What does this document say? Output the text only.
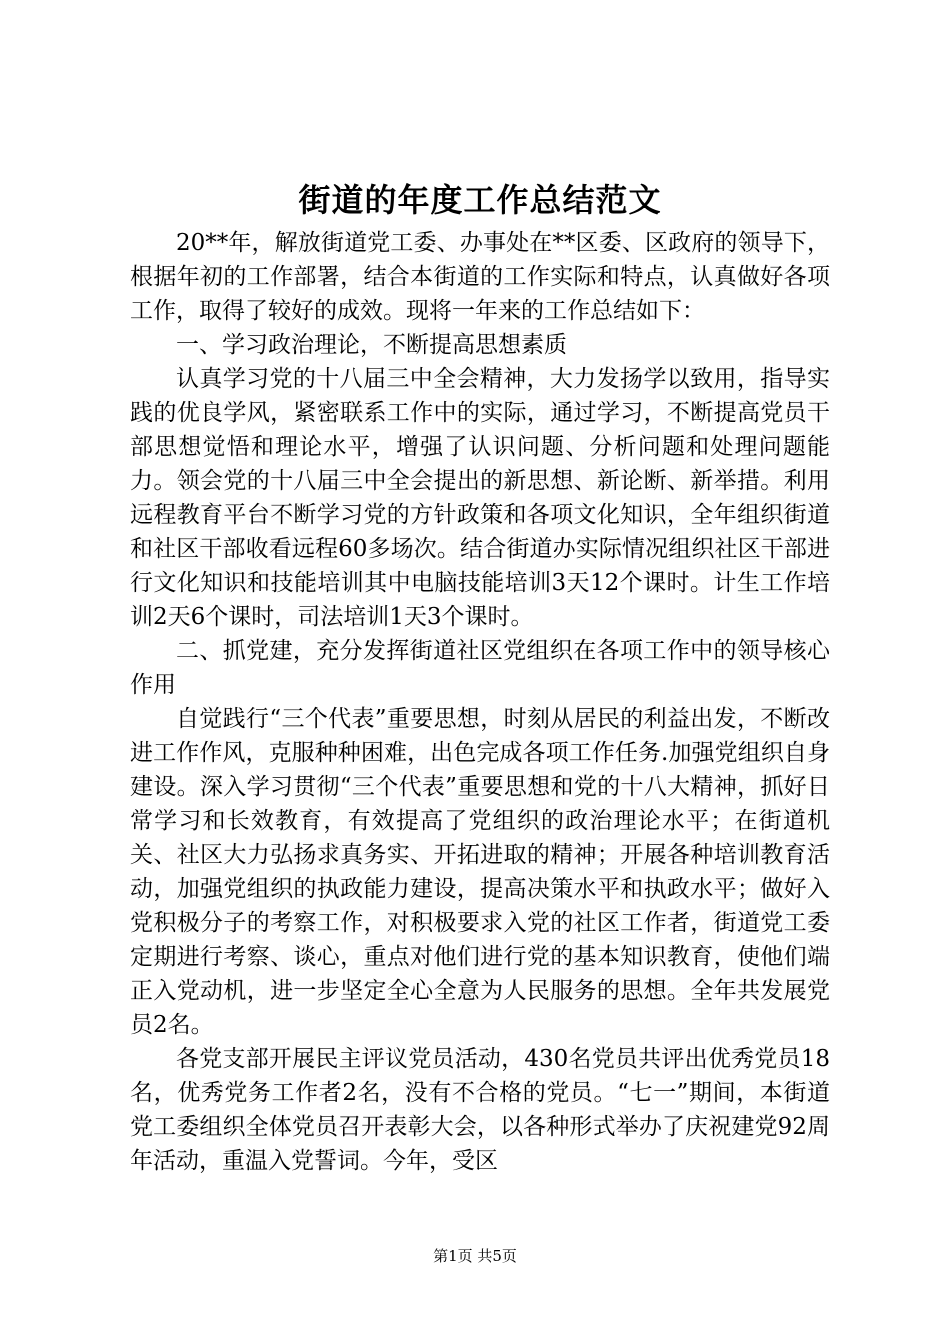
街道的年度工作总结范文

20**年，解放街道党工委、办事处在**区委、区政府的领导下，根据年初的工作部署，结合本街道的工作实际和特点，认真做好各项工作，取得了较好的成效。现将一年来的工作总结如下：

一、学习政治理论，不断提高思想素质

认真学习党的十八届三中全会精神，大力发扬学以致用，指导实践的优良学风，紧密联系工作中的实际，通过学习，不断提高党员干部思想觉悟和理论水平，增强了认识问题、分析问题和处理问题能力。领会党的十八届三中全会提出的新思想、新论断、新举措。利用远程教育平台不断学习党的方针政策和各项文化知识，全年组织街道和社区干部收看远程60多场次。结合街道办实际情况组织社区干部进行文化知识和技能培训其中电脑技能培训3天12个课时。计生工作培训2天6个课时，司法培训1天3个课时。

二、抓党建，充分发挥街道社区党组织在各项工作中的领导核心作用

自觉践行“三个代表”重要思想，时刻从居民的利益出发，不断改进工作作风，克服种种困难，出色完成各项工作任务.加强党组织自身建设。深入学习贯彻“三个代表”重要思想和党的十八大精神，抓好日常学习和长效教育，有效提高了党组织的政治理论水平；在街道机关、社区大力弘扬求真务实、开拓进取的精神；开展各种培训教育活动，加强党组织的执政能力建设，提高决策水平和执政水平；做好入党积极分子的考察工作，对积极要求入党的社区工作者，街道党工委定期进行考察、谈心，重点对他们进行党的基本知识教育，使他们端正入党动机，进一步坚定全心全意为人民服务的思想。全年共发展党员2名。

各党支部开展民主评议党员活动，430名党员共评出优秀党员18名，优秀党务工作者2名，没有不合格的党员。“七一”期间，本街道党工委组织全体党员召开表彰大会，以各种形式举办了庆祝建党92周年活动，重温入党誓词。今年，受区

第1页 共5页
